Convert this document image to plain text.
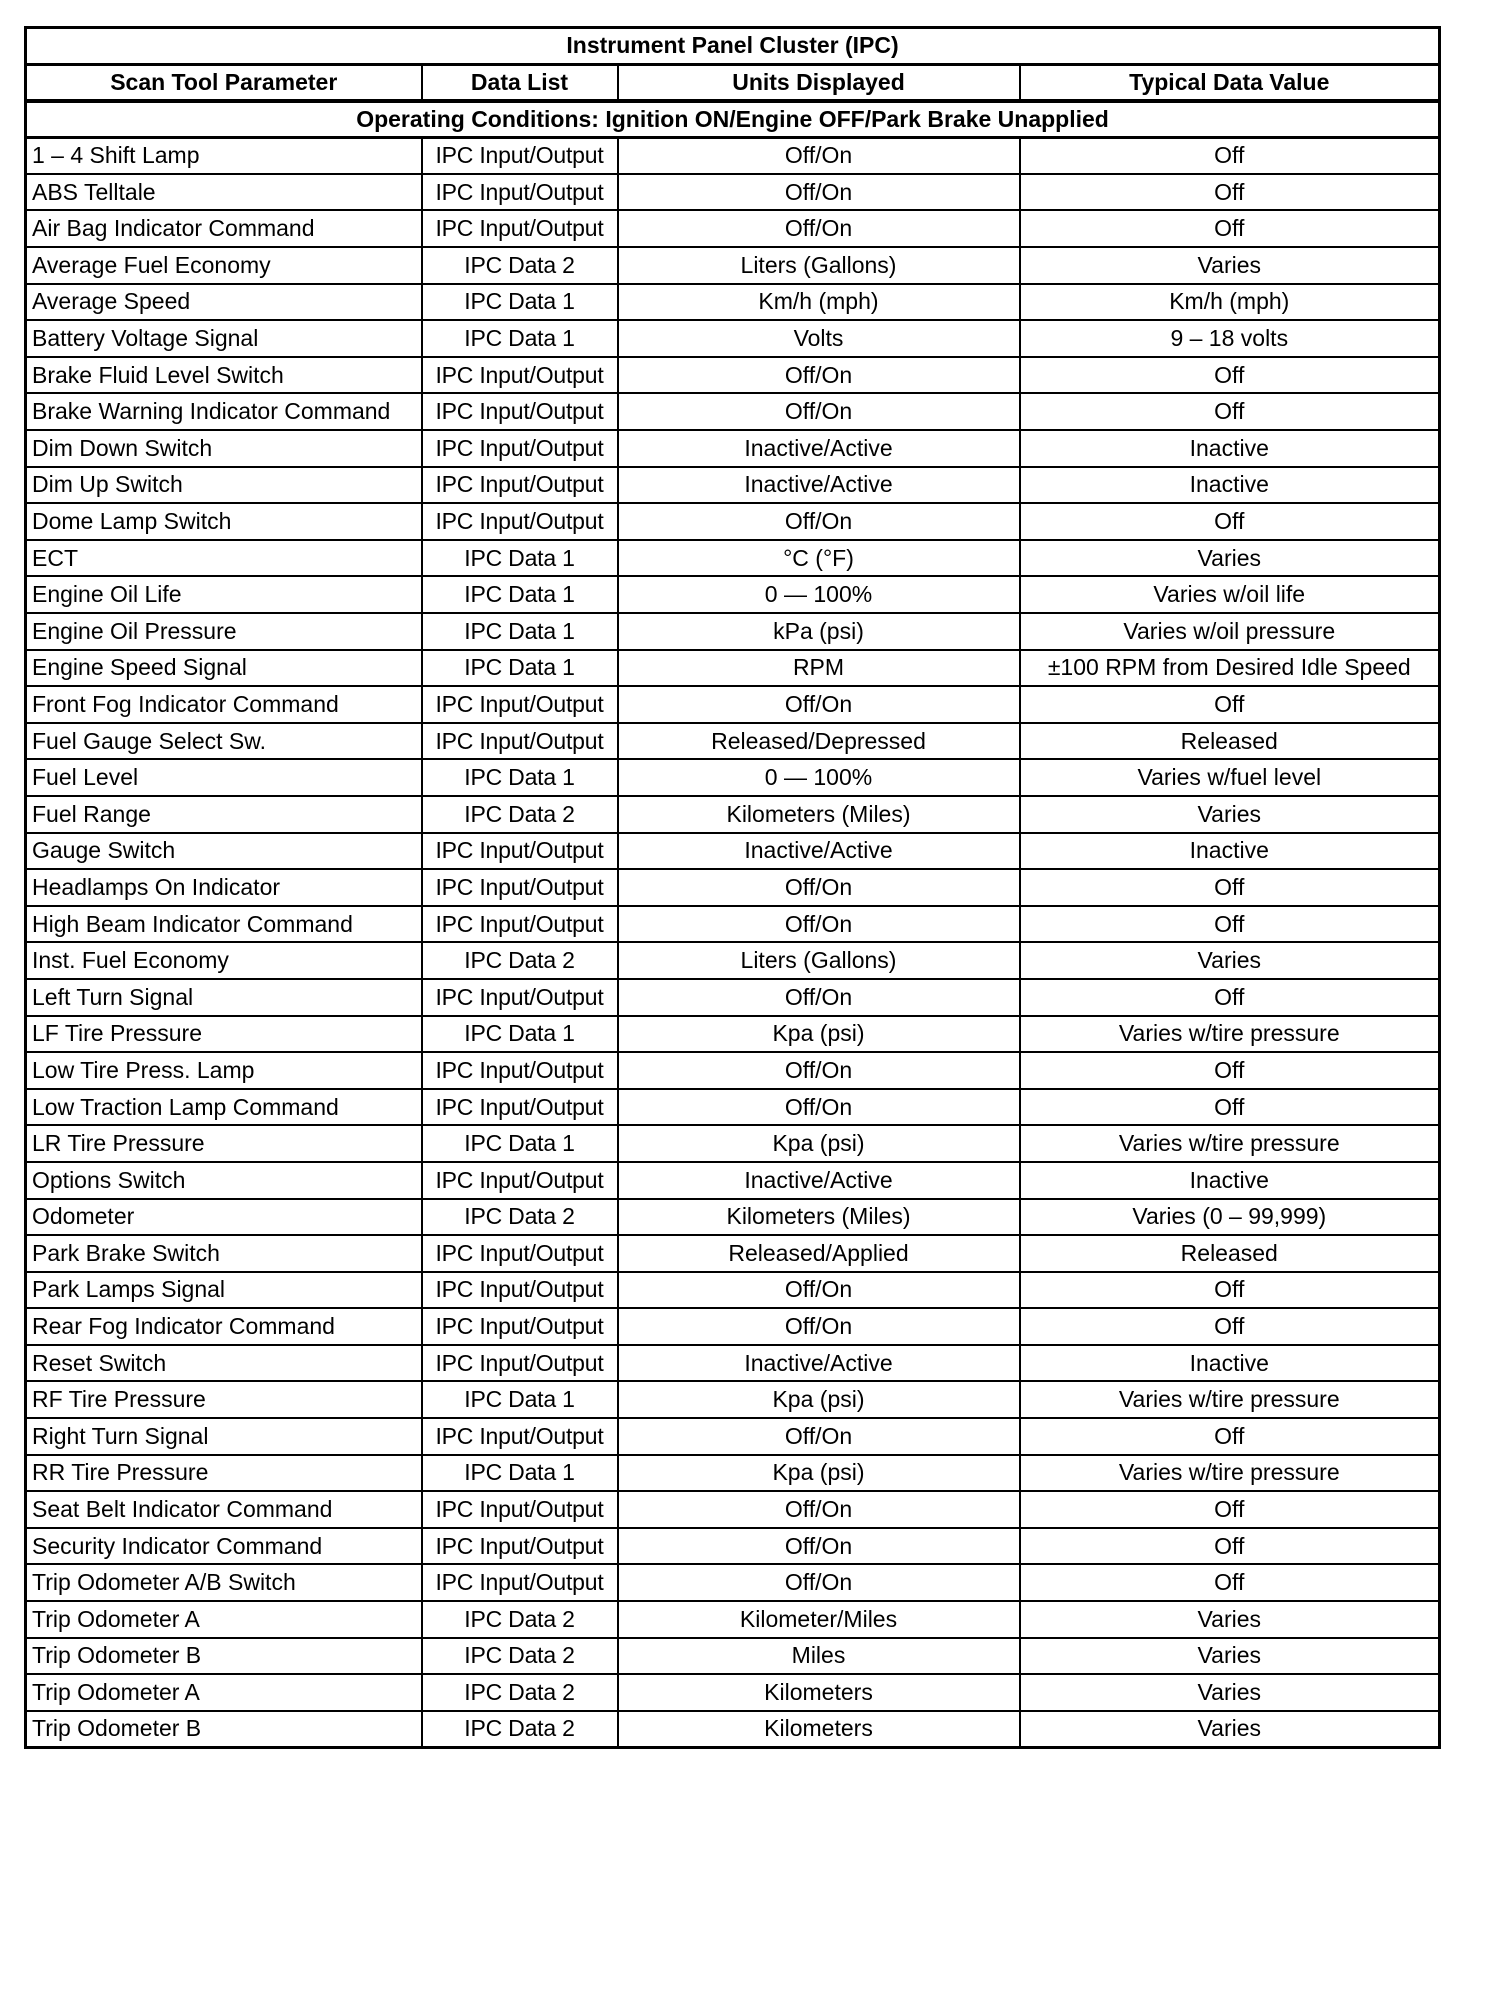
Instrument Panel Cluster (IPC)			
Scan Tool Parameter	Data List	Units Displayed	Typical Data Value
Operating Conditions: Ignition ON/Engine OFF/Park Brake Unapplied			
1 – 4 Shift Lamp	IPC Input/Output	Off/On	Off
ABS Telltale	IPC Input/Output	Off/On	Off
Air Bag Indicator Command	IPC Input/Output	Off/On	Off
Average Fuel Economy	IPC Data 2	Liters (Gallons)	Varies
Average Speed	IPC Data 1	Km/h (mph)	Km/h (mph)
Battery Voltage Signal	IPC Data 1	Volts	9 – 18 volts
Brake Fluid Level Switch	IPC Input/Output	Off/On	Off
Brake Warning Indicator Command	IPC Input/Output	Off/On	Off
Dim Down Switch	IPC Input/Output	Inactive/Active	Inactive
Dim Up Switch	IPC Input/Output	Inactive/Active	Inactive
Dome Lamp Switch	IPC Input/Output	Off/On	Off
ECT	IPC Data 1	°C (°F)	Varies
Engine Oil Life	IPC Data 1	0 — 100%	Varies w/oil life
Engine Oil Pressure	IPC Data 1	kPa (psi)	Varies w/oil pressure
Engine Speed Signal	IPC Data 1	RPM	±100 RPM from Desired Idle Speed
Front Fog Indicator Command	IPC Input/Output	Off/On	Off
Fuel Gauge Select Sw.	IPC Input/Output	Released/Depressed	Released
Fuel Level	IPC Data 1	0 — 100%	Varies w/fuel level
Fuel Range	IPC Data 2	Kilometers (Miles)	Varies
Gauge Switch	IPC Input/Output	Inactive/Active	Inactive
Headlamps On Indicator	IPC Input/Output	Off/On	Off
High Beam Indicator Command	IPC Input/Output	Off/On	Off
Inst. Fuel Economy	IPC Data 2	Liters (Gallons)	Varies
Left Turn Signal	IPC Input/Output	Off/On	Off
LF Tire Pressure	IPC Data 1	Kpa (psi)	Varies w/tire pressure
Low Tire Press. Lamp	IPC Input/Output	Off/On	Off
Low Traction Lamp Command	IPC Input/Output	Off/On	Off
LR Tire Pressure	IPC Data 1	Kpa (psi)	Varies w/tire pressure
Options Switch	IPC Input/Output	Inactive/Active	Inactive
Odometer	IPC Data 2	Kilometers (Miles)	Varies (0 – 99,999)
Park Brake Switch	IPC Input/Output	Released/Applied	Released
Park Lamps Signal	IPC Input/Output	Off/On	Off
Rear Fog Indicator Command	IPC Input/Output	Off/On	Off
Reset Switch	IPC Input/Output	Inactive/Active	Inactive
RF Tire Pressure	IPC Data 1	Kpa (psi)	Varies w/tire pressure
Right Turn Signal	IPC Input/Output	Off/On	Off
RR Tire Pressure	IPC Data 1	Kpa (psi)	Varies w/tire pressure
Seat Belt Indicator Command	IPC Input/Output	Off/On	Off
Security Indicator Command	IPC Input/Output	Off/On	Off
Trip Odometer A/B Switch	IPC Input/Output	Off/On	Off
Trip Odometer A	IPC Data 2	Kilometer/Miles	Varies
Trip Odometer B	IPC Data 2	Miles	Varies
Trip Odometer A	IPC Data 2	Kilometers	Varies
Trip Odometer B	IPC Data 2	Kilometers	Varies
